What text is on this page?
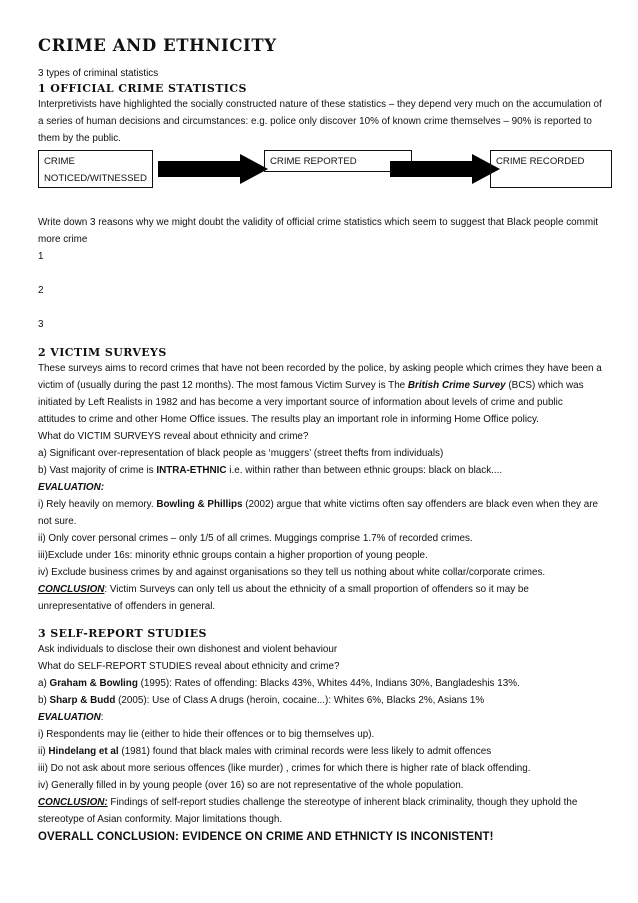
CRIME AND ETHNICITY

3 types of criminal statistics

1 OFFICIAL CRIME STATISTICS

Interpretivists have highlighted the socially constructed nature of these statistics – they depend very much on the accumulation of a series of human decisions and circumstances: e.g. police only discover 10% of known crime themselves – 90% is reported to them by the public.

CRIME
NOTICED/WITNESSED
CRIME REPORTED	CRIME RECORDED

Write down 3 reasons why we might doubt the validity of official crime statistics which seem to suggest that Black people commit more crime

1

2

3

2 VICTIM SURVEYS

These surveys aims to record crimes that have not been recorded by the police, by asking people which crimes they have been a victim of (usually during the past 12 months). The most famous Victim Survey is The British Crime Survey (BCS) which was initiated by Left Realists in 1982 and has become a very important source of information about levels of crime and public attitudes to crime and other Home Office issues. The results play an important role in informing Home Office policy.

What do VICTIM SURVEYS reveal about ethnicity and crime?

a) Significant over-representation of black people as ‘muggers’ (street thefts from individuals)

b) Vast majority of crime is INTRA-ETHNIC i.e. within rather than between ethnic groups: black on black....

EVALUATION:

i) Rely heavily on memory. Bowling & Phillips (2002) argue that white victims often say offenders are black even when they are not sure.

ii) Only cover personal crimes – only 1/5 of all crimes. Muggings comprise 1.7% of recorded crimes.

iii)Exclude under 16s: minority ethnic groups contain a higher proportion of young people.

iv) Exclude business crimes by and against organisations so they tell us nothing about white collar/corporate crimes.

CONCLUSION: Victim Surveys can only tell us about the ethnicity of a small proportion of offenders so it may be unrepresentative of offenders in general.

3 SELF-REPORT STUDIES

Ask individuals to disclose their own dishonest and violent behaviour

What do SELF-REPORT STUDIES reveal about ethnicity and crime?

a) Graham & Bowling (1995): Rates of offending: Blacks 43%, Whites 44%, Indians 30%, Bangladeshis 13%.

b) Sharp & Budd (2005): Use of Class A drugs (heroin, cocaine...): Whites 6%, Blacks 2%, Asians 1%

EVALUATION:

i) Respondents may lie (either to hide their offences or to big themselves up).

ii) Hindelang et al (1981) found that black males with criminal records were less likely to admit offences

iii) Do not ask about more serious offences (like murder) , crimes for which there is higher rate of black offending.

iv) Generally filled in by young people (over 16) so are not representative of the whole population.

CONCLUSION: Findings of self-report studies challenge the stereotype of inherent black criminality, though they uphold the stereotype of Asian conformity. Major limitations though.

OVERALL CONCLUSION: EVIDENCE ON CRIME AND ETHNICTY IS INCONISTENT!
